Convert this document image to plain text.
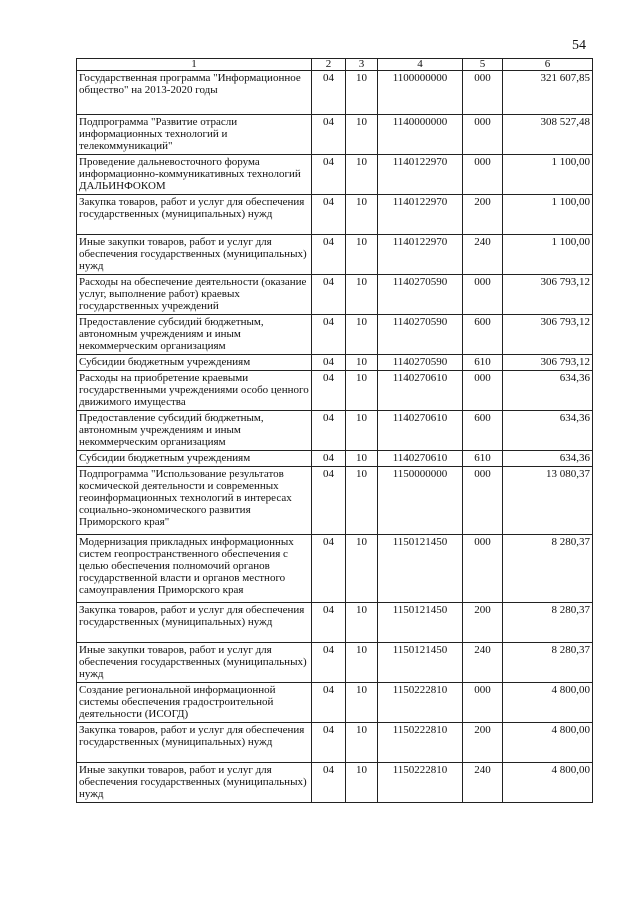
54
1	2	3	4	5	6
Государственная программа "Информационное общество" на 2013-2020 годы	04	10	1100000000	000	321 607,85
Подпрограмма "Развитие отрасли информационных технологий и телекоммуникаций"	04	10	1140000000	000	308 527,48
Проведение дальневосточного форума информационно-коммуникативных технологий ДАЛЬИНФОКОМ	04	10	1140122970	000	1 100,00
Закупка товаров, работ и услуг для обеспечения государственных (муниципальных) нужд	04	10	1140122970	200	1 100,00
Иные закупки товаров, работ и услуг для обеспечения государственных (муниципальных) нужд	04	10	1140122970	240	1 100,00
Расходы на обеспечение деятельности (оказание услуг, выполнение работ) краевых государственных учреждений	04	10	1140270590	000	306 793,12
Предоставление субсидий бюджетным, автономным учреждениям и иным некоммерческим организациям	04	10	1140270590	600	306 793,12
Субсидии бюджетным учреждениям	04	10	1140270590	610	306 793,12
Расходы на приобретение краевыми государственными учреждениями особо ценного движимого имущества	04	10	1140270610	000	634,36
Предоставление субсидий бюджетным, автономным учреждениям и иным некоммерческим организациям	04	10	1140270610	600	634,36
Субсидии бюджетным учреждениям	04	10	1140270610	610	634,36
Подпрограмма "Использование результатов космической деятельности и современных геоинформационных технологий в интересах социально-экономического развития Приморского края"	04	10	1150000000	000	13 080,37
Модернизация прикладных информационных систем геопространственного обеспечения с целью обеспечения полномочий органов государственной власти и органов местного самоуправления Приморского края	04	10	1150121450	000	8 280,37
Закупка товаров, работ и услуг для обеспечения государственных (муниципальных) нужд	04	10	1150121450	200	8 280,37
Иные закупки товаров, работ и услуг для обеспечения государственных (муниципальных) нужд	04	10	1150121450	240	8 280,37
Создание региональной информационной системы обеспечения градостроительной деятельности (ИСОГД)	04	10	1150222810	000	4 800,00
Закупка товаров, работ и услуг для обеспечения государственных (муниципальных) нужд	04	10	1150222810	200	4 800,00
Иные закупки товаров, работ и услуг для обеспечения государственных (муниципальных) нужд	04	10	1150222810	240	4 800,00
